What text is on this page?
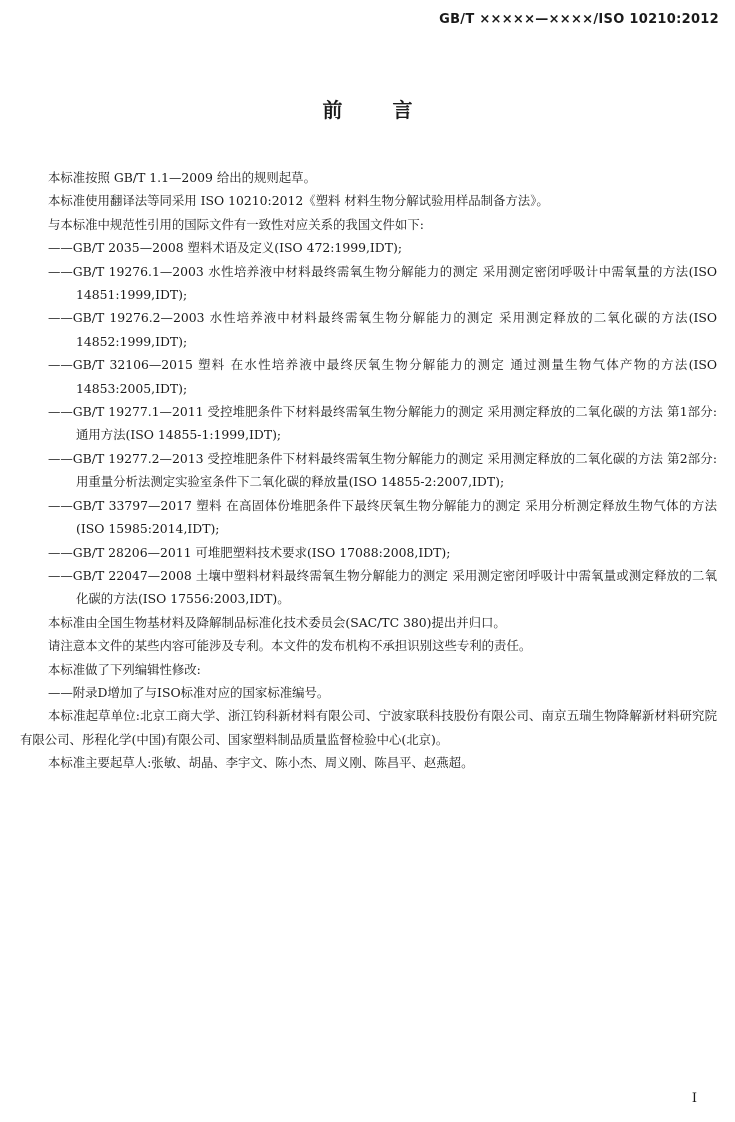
GB/T ×××××—××××/ISO 10210:2012
前言

本标准按照 GB/T 1.1—2009 给出的规则起草。

本标准使用翻译法等同采用 ISO 10210:2012《塑料 材料生物分解试验用样品制备方法》。

与本标准中规范性引用的国际文件有一致性对应关系的我国文件如下:

——GB/T 2035—2008 塑料术语及定义(ISO 472:1999,IDT);

——GB/T 19276.1—2003 水性培养液中材料最终需氧生物分解能力的测定 采用测定密闭呼吸计中需氧量的方法(ISO 14851:1999,IDT);

——GB/T 19276.2—2003 水性培养液中材料最终需氧生物分解能力的测定 采用测定释放的二氧化碳的方法(ISO 14852:1999,IDT);

——GB/T 32106—2015 塑料 在水性培养液中最终厌氧生物分解能力的测定 通过测量生物气体产物的方法(ISO 14853:2005,IDT);

——GB/T 19277.1—2011 受控堆肥条件下材料最终需氧生物分解能力的测定 采用测定释放的二氧化碳的方法 第1部分:通用方法(ISO 14855-1:1999,IDT);

——GB/T 19277.2—2013 受控堆肥条件下材料最终需氧生物分解能力的测定 采用测定释放的二氧化碳的方法 第2部分:用重量分析法测定实验室条件下二氧化碳的释放量(ISO 14855-2:2007,IDT);

——GB/T 33797—2017 塑料 在高固体份堆肥条件下最终厌氧生物分解能力的测定 采用分析测定释放生物气体的方法(ISO 15985:2014,IDT);

——GB/T 28206—2011 可堆肥塑料技术要求(ISO 17088:2008,IDT);

——GB/T 22047—2008 土壤中塑料材料最终需氧生物分解能力的测定 采用测定密闭呼吸计中需氧量或测定释放的二氧化碳的方法(ISO 17556:2003,IDT)。

本标准由全国生物基材料及降解制品标准化技术委员会(SAC/TC 380)提出并归口。

请注意本文件的某些内容可能涉及专利。本文件的发布机构不承担识别这些专利的责任。

本标准做了下列编辑性修改:

——附录D增加了与ISO标准对应的国家标准编号。

本标准起草单位:北京工商大学、浙江钧科新材料有限公司、宁波家联科技股份有限公司、南京五瑞生物降解新材料研究院有限公司、彤程化学(中国)有限公司、国家塑料制品质量监督检验中心(北京)。

本标准主要起草人:张敏、胡晶、李宇文、陈小杰、周义刚、陈昌平、赵燕超。

I
